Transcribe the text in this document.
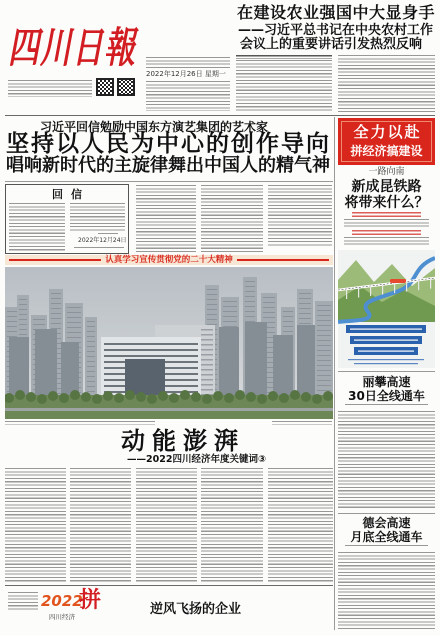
四川日報
2022年12月26日 星期一
在建设农业强国中大显身手
——习近平总书记在中央农村工作
会议上的重要讲话引发热烈反响
习近平回信勉励中国东方演艺集团的艺术家
坚持以人民为中心的创作导向
唱响新时代的主旋律舞出中国人的精气神
回信
2022年12月24日
认真学习宣传贯彻党的二十大精神
动能澎湃
——2022四川经济年度关键词③
2022
拼
四川经济	逆风飞扬的企业
全力以赴
拼经济搞建设
一路向南
新成昆铁路
将带来什么？
丽攀高速
30日全线通车
德会高速
月底全线通车
